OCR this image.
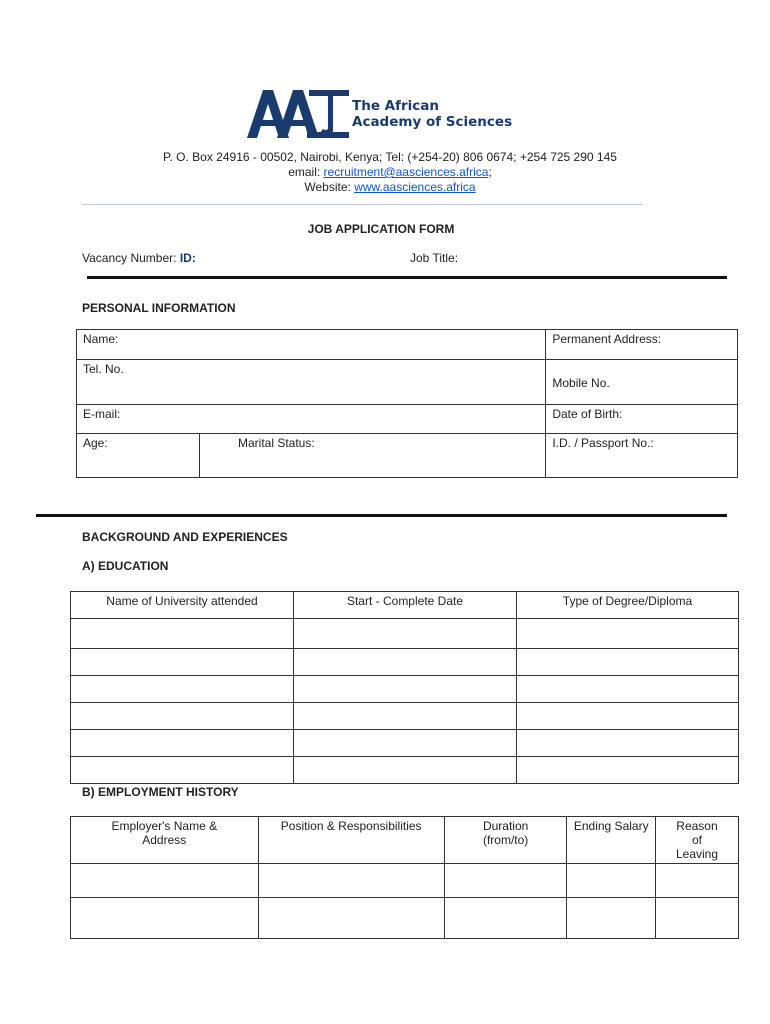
The African
Academy of Sciences
P. O. Box 24916 - 00502, Nairobi, Kenya; Tel: (+254-20) 806 0674; +254 725 290 145
email: recruitment@aasciences.africa;
Website: www.aasciences.africa
JOB APPLICATION FORM
Vacancy Number: ID:	Job Title:
PERSONAL INFORMATION
Name:		Permanent Address:
Tel. No.		Mobile No.
E-mail:		Date of Birth:
Age:	Marital Status:	I.D. / Passport No.:
BACKGROUND AND EXPERIENCES
A) EDUCATION
Name of University attended	Start - Complete Date	Type of Degree/Diploma

B) EMPLOYMENT HISTORY
Employer's Name & Address	Position & Responsibilities	Duration (from/to)	Ending Salary	Reason of Leaving
